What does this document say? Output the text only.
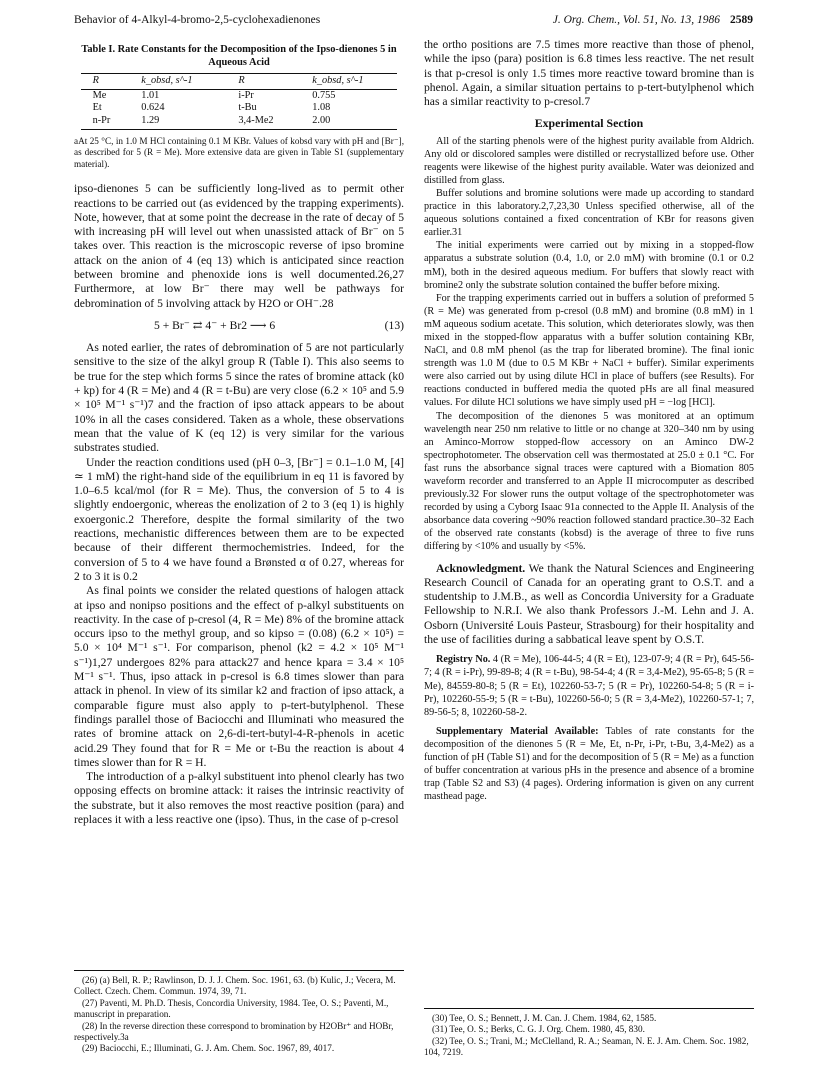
Behavior of 4-Alkyl-4-bromo-2,5-cyclohexadienones	J. Org. Chem., Vol. 51, No. 13, 1986 2589
Table I. Rate Constants for the Decomposition of the Ipso-dienones 5 in Aqueous Acid
R	k_obsd, s^-1	R	k_obsd, s^-1
Me	1.01	i-Pr	0.755
Et	0.624	t-Bu	1.08
n-Pr	1.29	3,4-Me2	2.00
aAt 25 °C, in 1.0 M HCl containing 0.1 M KBr. Values of kobsd vary with pH and [Br⁻], as described for 5 (R = Me). More extensive data are given in Table S1 (supplementary material).

ipso-dienones 5 can be sufficiently long-lived as to permit other reactions to be carried out (as evidenced by the trapping experiments). Note, however, that at some point the decrease in the rate of decay of 5 with increasing pH will level out when unassisted attack of Br⁻ on 5 takes over. This reaction is the microscopic reverse of ipso bromine attack on the anion of 4 (eq 13) which is anticipated since reaction between bromine and phenoxide ions is well documented.26,27 Furthermore, at low Br⁻ there may well be pathways for debromination of 5 involving attack by H2O or OH⁻.28

5 + Br⁻ ⇄ 4⁻ + Br2 ⟶ 6	(13)

As noted earlier, the rates of debromination of 5 are not particularly sensitive to the size of the alkyl group R (Table I). This also seems to be true for the step which forms 5 since the rates of bromine attack (k0 + kp) for 4 (R = Me) and 4 (R = t-Bu) are very close (6.2 × 10⁵ and 5.9 × 10⁵ M⁻¹ s⁻¹)7 and the fraction of ipso attack appears to be about 10% in all the cases considered. Taken as a whole, these observations mean that the value of K (eq 12) is very similar for the various substrates studied.

Under the reaction conditions used (pH 0–3, [Br⁻] = 0.1–1.0 M, [4] ≃ 1 mM) the right-hand side of the equilibrium in eq 11 is favored by 1.0–6.5 kcal/mol (for R = Me). Thus, the conversion of 5 to 4 is slightly endoergonic, whereas the enolization of 2 to 3 (eq 1) is highly exoergonic.2 Therefore, despite the formal similarity of the two reactions, mechanistic differences between them are to be expected because of their different thermochemistries. Indeed, for the conversion of 5 to 4 we have found a Brønsted α of 0.27, whereas for 2 to 3 it is 0.2

As final points we consider the related questions of halogen attack at ipso and nonipso positions and the effect of p-alkyl substituents on reactivity. In the case of p-cresol (4, R = Me) 8% of the bromine attack occurs ipso to the methyl group, and so kipso = (0.08) (6.2 × 10⁵) = 5.0 × 10⁴ M⁻¹ s⁻¹. For comparison, phenol (k2 = 4.2 × 10⁵ M⁻¹ s⁻¹)1,27 undergoes 82% para attack27 and hence kpara = 3.4 × 10⁵ M⁻¹ s⁻¹. Thus, ipso attack in p-cresol is 6.8 times slower than para attack in phenol. In view of its similar k2 and fraction of ipso attack, a comparable figure must also apply to p-tert-butylphenol. These findings parallel those of Baciocchi and Illuminati who measured the rates of bromine attack on 2,6-di-tert-butyl-4-R-phenols in acetic acid.29 They found that for R = Me or t-Bu the reaction is about 4 times slower than for R = H.

The introduction of a p-alkyl substituent into phenol clearly has two opposing effects on bromine attack: it raises the intrinsic reactivity of the substrate, but it also removes the most reactive position (para) and replaces it with a less reactive one (ipso). Thus, in the case of p-cresol

(26) (a) Bell, R. P.; Rawlinson, D. J. J. Chem. Soc. 1961, 63. (b) Kulic, J.; Vecera, M. Collect. Czech. Chem. Commun. 1974, 39, 71.
(27) Paventi, M. Ph.D. Thesis, Concordia University, 1984. Tee, O. S.; Paventi, M., manuscript in preparation.
(28) In the reverse direction these correspond to bromination by H2OBr⁺ and HOBr, respectively.3a
(29) Baciocchi, E.; Illuminati, G. J. Am. Chem. Soc. 1967, 89, 4017.

the ortho positions are 7.5 times more reactive than those of phenol, while the ipso (para) position is 6.8 times less reactive. The net result is that p-cresol is only 1.5 times more reactive toward bromine than is phenol. Again, a similar situation pertains to p-tert-butylphenol which has a similar reactivity to p-cresol.7

Experimental Section

All of the starting phenols were of the highest purity available from Aldrich. Any old or discolored samples were distilled or recrystallized before use. Other reagents were likewise of the highest purity available. Water was deionized and distilled from glass.

Buffer solutions and bromine solutions were made up according to standard practice in this laboratory.2,7,23,30 Unless specified otherwise, all of the aqueous solutions contained a fixed concentration of KBr for reasons given earlier.31

The initial experiments were carried out by mixing in a stopped-flow apparatus a substrate solution (0.4, 1.0, or 2.0 mM) with bromine (0.1 or 0.2 mM), both in the desired aqueous medium. For buffers that slowly react with bromine2 only the substrate solution contained the buffer before mixing.

For the trapping experiments carried out in buffers a solution of preformed 5 (R = Me) was generated from p-cresol (0.8 mM) and bromine (0.8 mM) in 1 mM aqueous sodium acetate. This solution, which deteriorates slowly, was then mixed in the stopped-flow apparatus with a buffer solution containing KBr, NaCl, and 0.8 mM phenol (as the trap for liberated bromine). The final ionic strength was 1.0 M (due to 0.5 M KBr + NaCl + buffer). Similar experiments were also carried out by using dilute HCl in place of buffers (see Results). For reactions conducted in buffered media the quoted pHs are all final measured values. For dilute HCl solutions we have simply used pH = −log [HCl].

The decomposition of the dienones 5 was monitored at an optimum wavelength near 250 nm relative to little or no change at 320–340 nm by using an Aminco-Morrow stopped-flow accessory on an Aminco DW-2 spectrophotometer. The observation cell was thermostated at 25.0 ± 0.1 °C. For fast runs the absorbance signal traces were captured with a Biomation 805 waveform recorder and transferred to an Apple II microcomputer as described previously.32 For slower runs the output voltage of the spectrophotometer was recorded by using a Cyborg Isaac 91a connected to the Apple II. Analysis of the absorbance data covering ~90% reaction followed standard practice.30–32 Each of the observed rate constants (kobsd) is the average of three to five runs differing by <10% and usually by <5%.

Acknowledgment. We thank the Natural Sciences and Engineering Research Council of Canada for an operating grant to O.S.T. and a studentship to J.M.B., as well as Concordia University for a Graduate Fellowship to N.R.I. We also thank Professors J.-M. Lehn and J. A. Osborn (Université Louis Pasteur, Strasbourg) for their hospitality and the use of facilities during a sabbatical leave spent by O.S.T.

Registry No. 4 (R = Me), 106-44-5; 4 (R = Et), 123-07-9; 4 (R = Pr), 645-56-7; 4 (R = i-Pr), 99-89-8; 4 (R = t-Bu), 98-54-4; 4 (R = 3,4-Me2), 95-65-8; 5 (R = Me), 84559-80-8; 5 (R = Et), 102260-53-7; 5 (R = Pr), 102260-54-8; 5 (R = i-Pr), 102260-55-9; 5 (R = t-Bu), 102260-56-0; 5 (R = 3,4-Me2), 102260-57-1; 7, 89-56-5; 8, 102260-58-2.

Supplementary Material Available: Tables of rate constants for the decomposition of the dienones 5 (R = Me, Et, n-Pr, i-Pr, t-Bu, 3,4-Me2) as a function of pH (Table S1) and for the decomposition of 5 (R = Me) as a function of buffer concentration at various pHs in the presence and absence of a bromine trap (Table S2 and S3) (4 pages). Ordering information is given on any current masthead page.

(30) Tee, O. S.; Bennett, J. M. Can. J. Chem. 1984, 62, 1585.
(31) Tee, O. S.; Berks, C. G. J. Org. Chem. 1980, 45, 830.
(32) Tee, O. S.; Trani, M.; McClelland, R. A.; Seaman, N. E. J. Am. Chem. Soc. 1982, 104, 7219.
